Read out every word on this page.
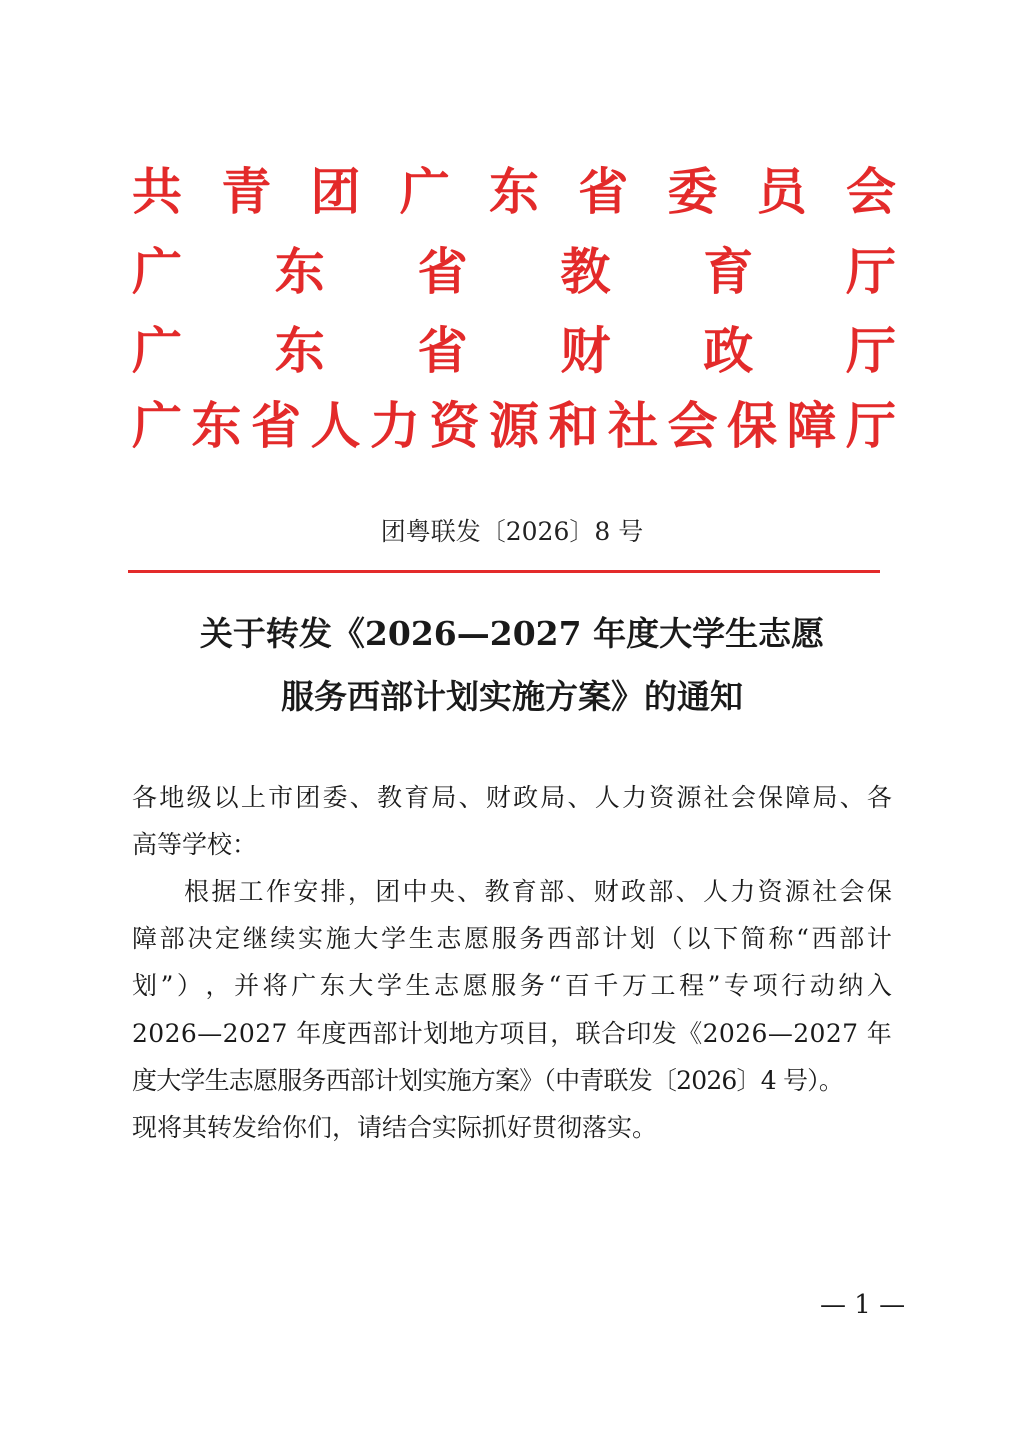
共 青 团 广 东 省 委 员 会
广 东 省 教 育 厅
广 东 省 财 政 厅
广 东 省 人 力 资 源 和 社 会 保 障 厅
团粤联发〔2026〕8 号
关于转发《2026—2027 年度大学生志愿
服务西部计划实施方案》的通知
各 地 级 以 上 市 团 委 、 教 育 局 、 财 政 局 、 人 力 资 源 社 会 保 障 局 、 各
高等学校：
根 据 工 作 安 排 ， 团 中 央 、 教 育 部 、 财 政 部 、 人 力 资 源 社 会 保
障 部 决 定 继 续 实 施 大 学 生 志 愿 服 务 西 部 计 划 （ 以 下 简 称 “ 西 部 计
划 ” ） ， 并 将 广 东 大 学 生 志 愿 服 务 “ 百 千 万 工 程 ” 专 项 行 动 纳 入
2026—2027 年度西部计划地方项目，联合印发《2026—2027 年
度大学生志愿服务西部计划实施方案》（中青联发〔2026〕4 号）。
现将其转发给你们，请结合实际抓好贯彻落实。
— 1 —
